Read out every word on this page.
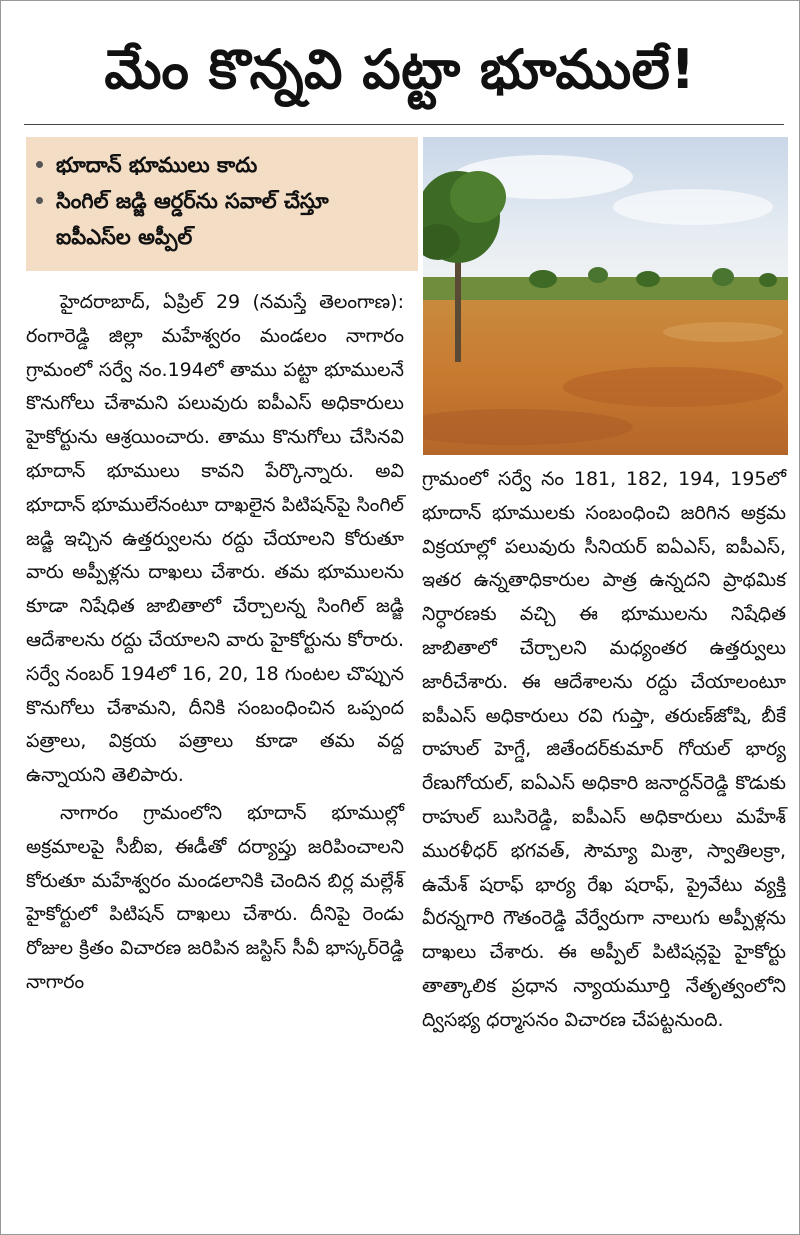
మేం కొన్నవి పట్టా భూములే!
భూదాన్ భూములు కాదు
సింగిల్ జడ్జి ఆర్డర్‌ను సవాల్ చేస్తూ ఐపీఎస్‌ల అప్పీల్

హైదరాబాద్, ఏప్రిల్ 29 (నమస్తే తెలంగాణ): రంగారెడ్డి జిల్లా మహేశ్వరం మండలం నాగారం గ్రామంలో సర్వే నం.194లో తాము పట్టా భూములనే కొనుగోలు చేశామని పలువురు ఐపీఎస్ అధికారులు హైకోర్టును ఆశ్రయించారు. తాము కొనుగోలు చేసినవి భూదాన్ భూములు కావని పేర్కొన్నారు. అవి భూదాన్ భూములేనంటూ దాఖలైన పిటిషన్‌పై సింగిల్ జడ్జి ఇచ్చిన ఉత్తర్వులను రద్దు చేయాలని కోరుతూ వారు అప్పీళ్లను దాఖలు చేశారు. తమ భూములను కూడా నిషేధిత జాబితాలో చేర్చాలన్న సింగిల్ జడ్జి ఆదేశాలను రద్దు చేయాలని వారు హైకోర్టును కోరారు. సర్వే నంబర్ 194లో 16, 20, 18 గుంటల చొప్పున కొనుగోలు చేశామని, దీనికి సంబంధించిన ఒప్పంద పత్రాలు, విక్రయ పత్రాలు కూడా తమ వద్ద ఉన్నాయని తెలిపారు.

నాగారం గ్రామంలోని భూదాన్ భూముల్లో అక్రమాలపై సీబీఐ, ఈడీతో దర్యాప్తు జరిపించాలని కోరుతూ మహేశ్వరం మండలానికి చెందిన బిర్ల మల్లేశ్ హైకోర్టులో పిటిషన్ దాఖలు చేశారు. దీనిపై రెండు రోజుల క్రితం విచారణ జరిపిన జస్టిస్ సీవీ భాస్కర్‌రెడ్డి నాగారం

గ్రామంలో సర్వే నం 181, 182, 194, 195లో భూదాన్ భూములకు సంబంధించి జరిగిన అక్రమ విక్రయాల్లో పలువురు సీనియర్ ఐఏఎస్, ఐపీఎస్, ఇతర ఉన్నతాధికారుల పాత్ర ఉన్నదని ప్రాథమిక నిర్ధారణకు వచ్చి ఈ భూములను నిషేధిత జాబితాలో చేర్చాలని మధ్యంతర ఉత్తర్వులు జారీచేశారు. ఈ ఆదేశాలను రద్దు చేయాలంటూ ఐపీఎస్ అధికారులు రవి గుప్తా, తరుణ్‌జోషి, బీకే రాహుల్ హెగ్డే, జితేందర్‌కుమార్ గోయల్ భార్య రేణుగోయల్, ఐఏఎస్ అధికారి జనార్దన్‌రెడ్డి కొడుకు రాహుల్ బుసిరెడ్డి, ఐపీఎస్ అధికారులు మహేశ్ మురళీధర్ భగవత్, సౌమ్యా మిశ్రా, స్వాతిలక్రా, ఉమేశ్ షరాఫ్ భార్య రేఖ షరాఫ్, ప్రైవేటు వ్యక్తి వీరన్నగారి గౌతంరెడ్డి వేర్వేరుగా నాలుగు అప్పీళ్లను దాఖలు చేశారు. ఈ అప్పీల్ పిటిషన్లపై హైకోర్టు తాత్కాలిక ప్రధాన న్యాయమూర్తి నేతృత్వంలోని ద్విసభ్య ధర్మాసనం విచారణ చేపట్టనుంది.
